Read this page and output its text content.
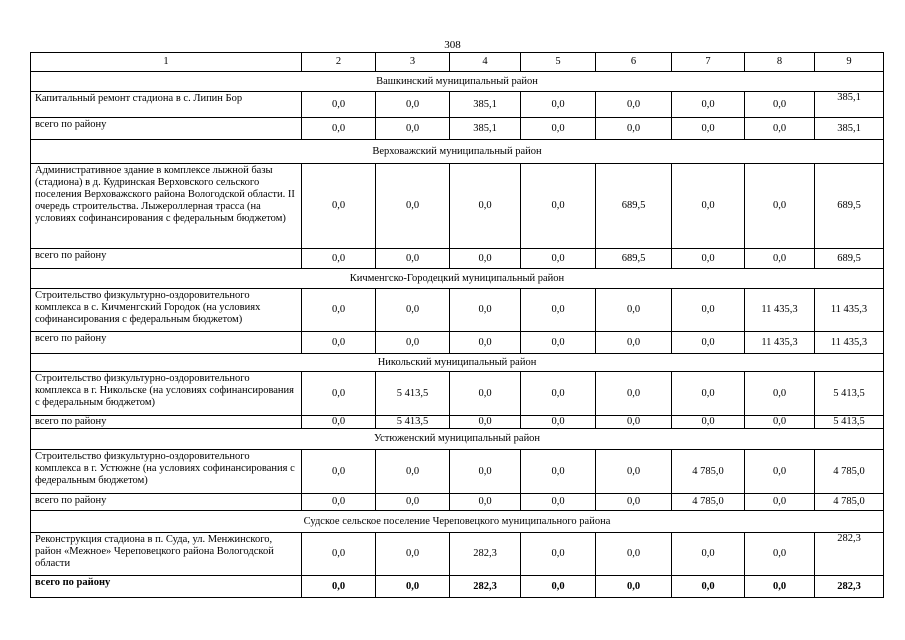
308
1	2	3	4	5	6	7	8	9
Вашкинский муниципальный район								
Капитальный ремонт стадиона в с. Липин Бор	0,0	0,0	385,1	0,0	0,0	0,0	0,0	385,1
всего по району	0,0	0,0	385,1	0,0	0,0	0,0	0,0	385,1
Верховажский муниципальный район								
Административное здание в комплексе лыжной базы (стадиона) в д. Кудринская Верховского сельского поселения Верховажского района Вологодской области. II очередь строительства. Лыжероллерная трасса (на условиях софинансирования с федеральным бюджетом)	0,0	0,0	0,0	0,0	689,5	0,0	0,0	689,5
всего по району	0,0	0,0	0,0	0,0	689,5	0,0	0,0	689,5
Кичменгско-Городецкий муниципальный район								
Строительство физкультурно-оздоровительного комплекса в с. Кичменгский Городок (на условиях софинансирования с федеральным бюджетом)	0,0	0,0	0,0	0,0	0,0	0,0	11 435,3	11 435,3
всего по району	0,0	0,0	0,0	0,0	0,0	0,0	11 435,3	11 435,3
Никольский муниципальный район								
Строительство физкультурно-оздоровительного комплекса в г. Никольске (на условиях софинансирования с федеральным бюджетом)	0,0	5 413,5	0,0	0,0	0,0	0,0	0,0	5 413,5
всего по району	0,0	5 413,5	0,0	0,0	0,0	0,0	0,0	5 413,5
Устюженский муниципальный район								
Строительство физкультурно-оздоровительного комплекса в г. Устюжне (на условиях софинансирования с федеральным бюджетом)	0,0	0,0	0,0	0,0	0,0	4 785,0	0,0	4 785,0
всего по району	0,0	0,0	0,0	0,0	0,0	4 785,0	0,0	4 785,0
Судское сельское поселение Череповецкого муниципального района								
Реконструкция стадиона в п. Суда, ул. Менжинского, район «Межное» Череповецкого района Вологодской области	0,0	0,0	282,3	0,0	0,0	0,0	0,0	282,3
всего по району	0,0	0,0	282,3	0,0	0,0	0,0	0,0	282,3
